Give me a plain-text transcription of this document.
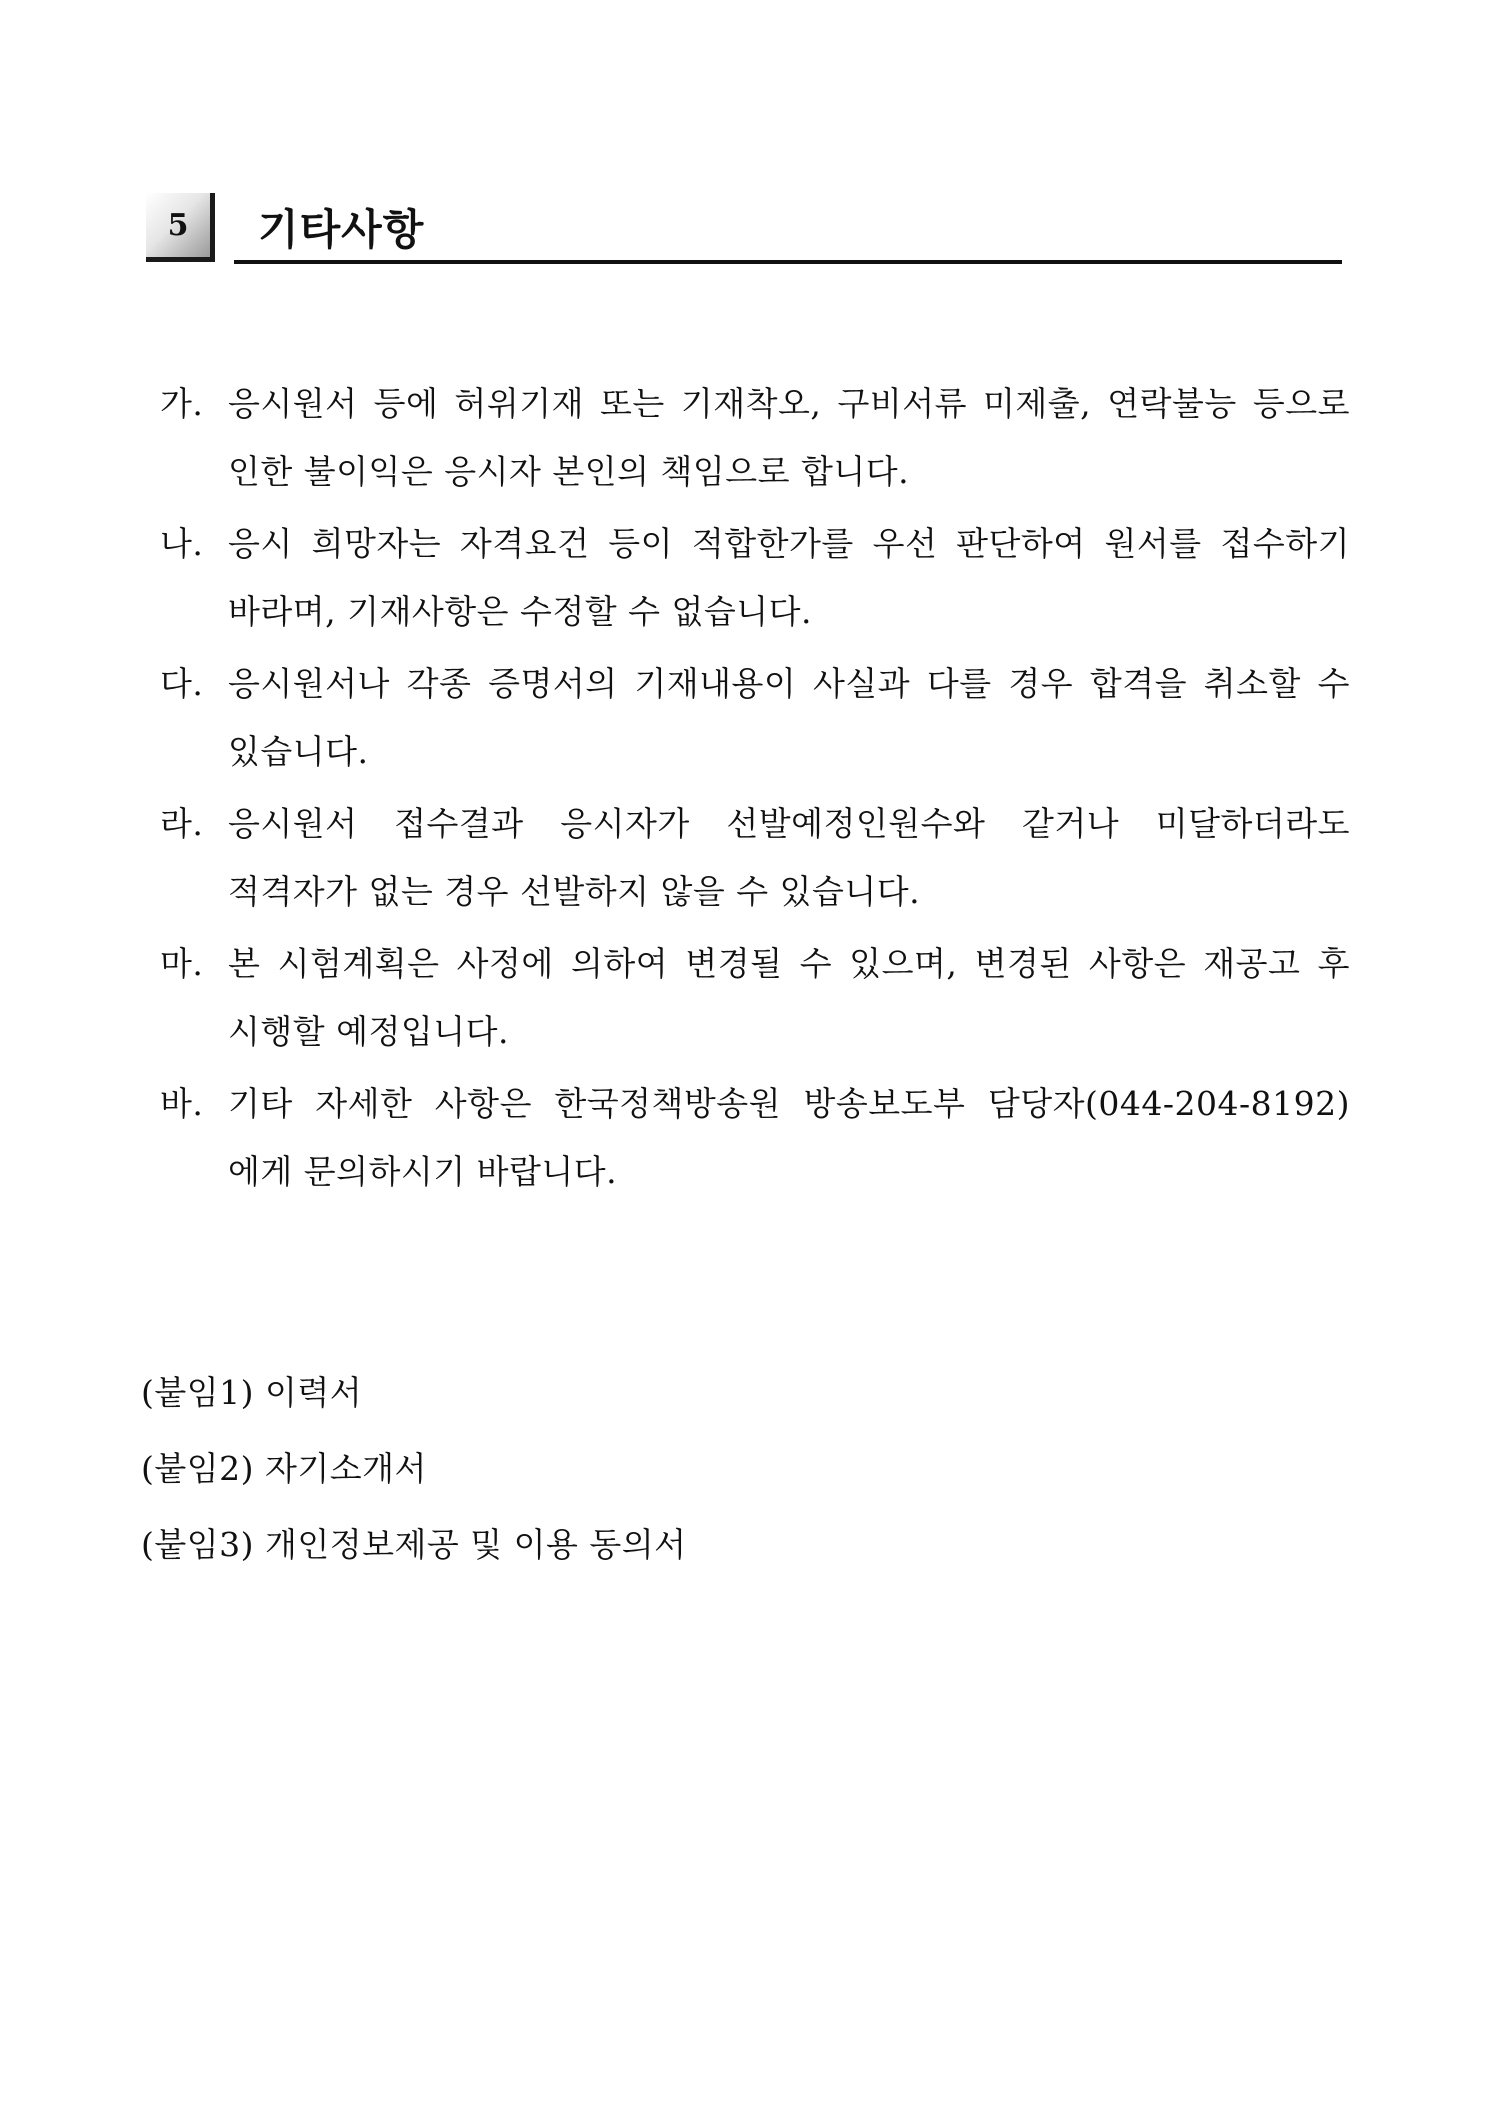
5 기타사항
가. 응시원서 등에 허위기재 또는 기재착오, 구비서류 미제출, 연락불능 등으로 인한 불이익은 응시자 본인의 책임으로 합니다.
나. 응시 희망자는 자격요건 등이 적합한가를 우선 판단하여 원서를 접수하기 바라며, 기재사항은 수정할 수 없습니다.
다. 응시원서나 각종 증명서의 기재내용이 사실과 다를 경우 합격을 취소할 수 있습니다.
라. 응시원서 접수결과 응시자가 선발예정인원수와 같거나 미달하더라도 적격자가 없는 경우 선발하지 않을 수 있습니다.
마. 본 시험계획은 사정에 의하여 변경될 수 있으며, 변경된 사항은 재공고 후 시행할 예정입니다.
바. 기타 자세한 사항은 한국정책방송원 방송보도부 담당자(044-204-8192)에게 문의하시기 바랍니다.
(붙임1) 이력서
(붙임2) 자기소개서
(붙임3) 개인정보제공 및 이용 동의서
